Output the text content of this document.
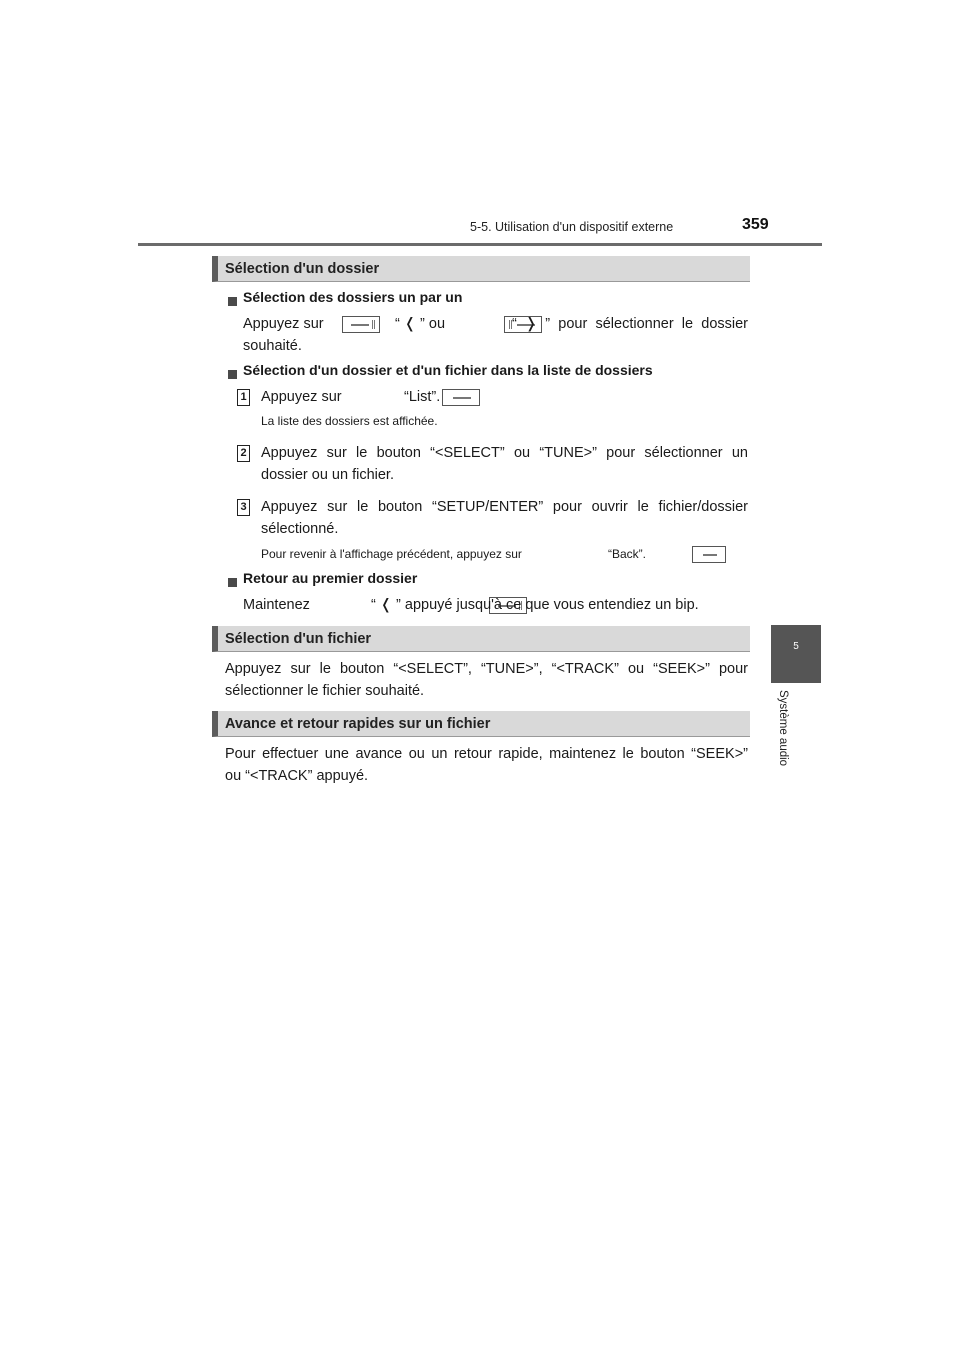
5-5. Utilisation d'un dispositif externe	359
5
Système audio
Sélection d'un dossier
Sélection des dossiers un par un
Appuyez sur
	“ ❬ ” ou
	“ ❭ ” pour sélectionner le dossier
souhaité.
Sélection d'un dossier et d'un fichier dans la liste de dossiers
1 Appuyez sur
	“List”.
La liste des dossiers est affichée.
2 Appuyez sur le bouton “<SELECT” ou “TUNE>” pour sélectionner un
dossier ou un fichier.
3 Appuyez sur le bouton “SETUP/ENTER” pour ouvrir le fichier/dossier
sélectionné.
Pour revenir à l'affichage précédent, appuyez sur
	“Back”.
Retour au premier dossier
Maintenez	“ ❬ ” appuyé jusqu'à ce que vous entendiez un bip.
Sélection d'un fichier
Appuyez sur le bouton “<SELECT”, “TUNE>”, “<TRACK” ou “SEEK>” pour
sélectionner le fichier souhaité.
Avance et retour rapides sur un fichier
Pour effectuer une avance ou un retour rapide, maintenez le bouton “SEEK>”
ou “<TRACK” appuyé.
